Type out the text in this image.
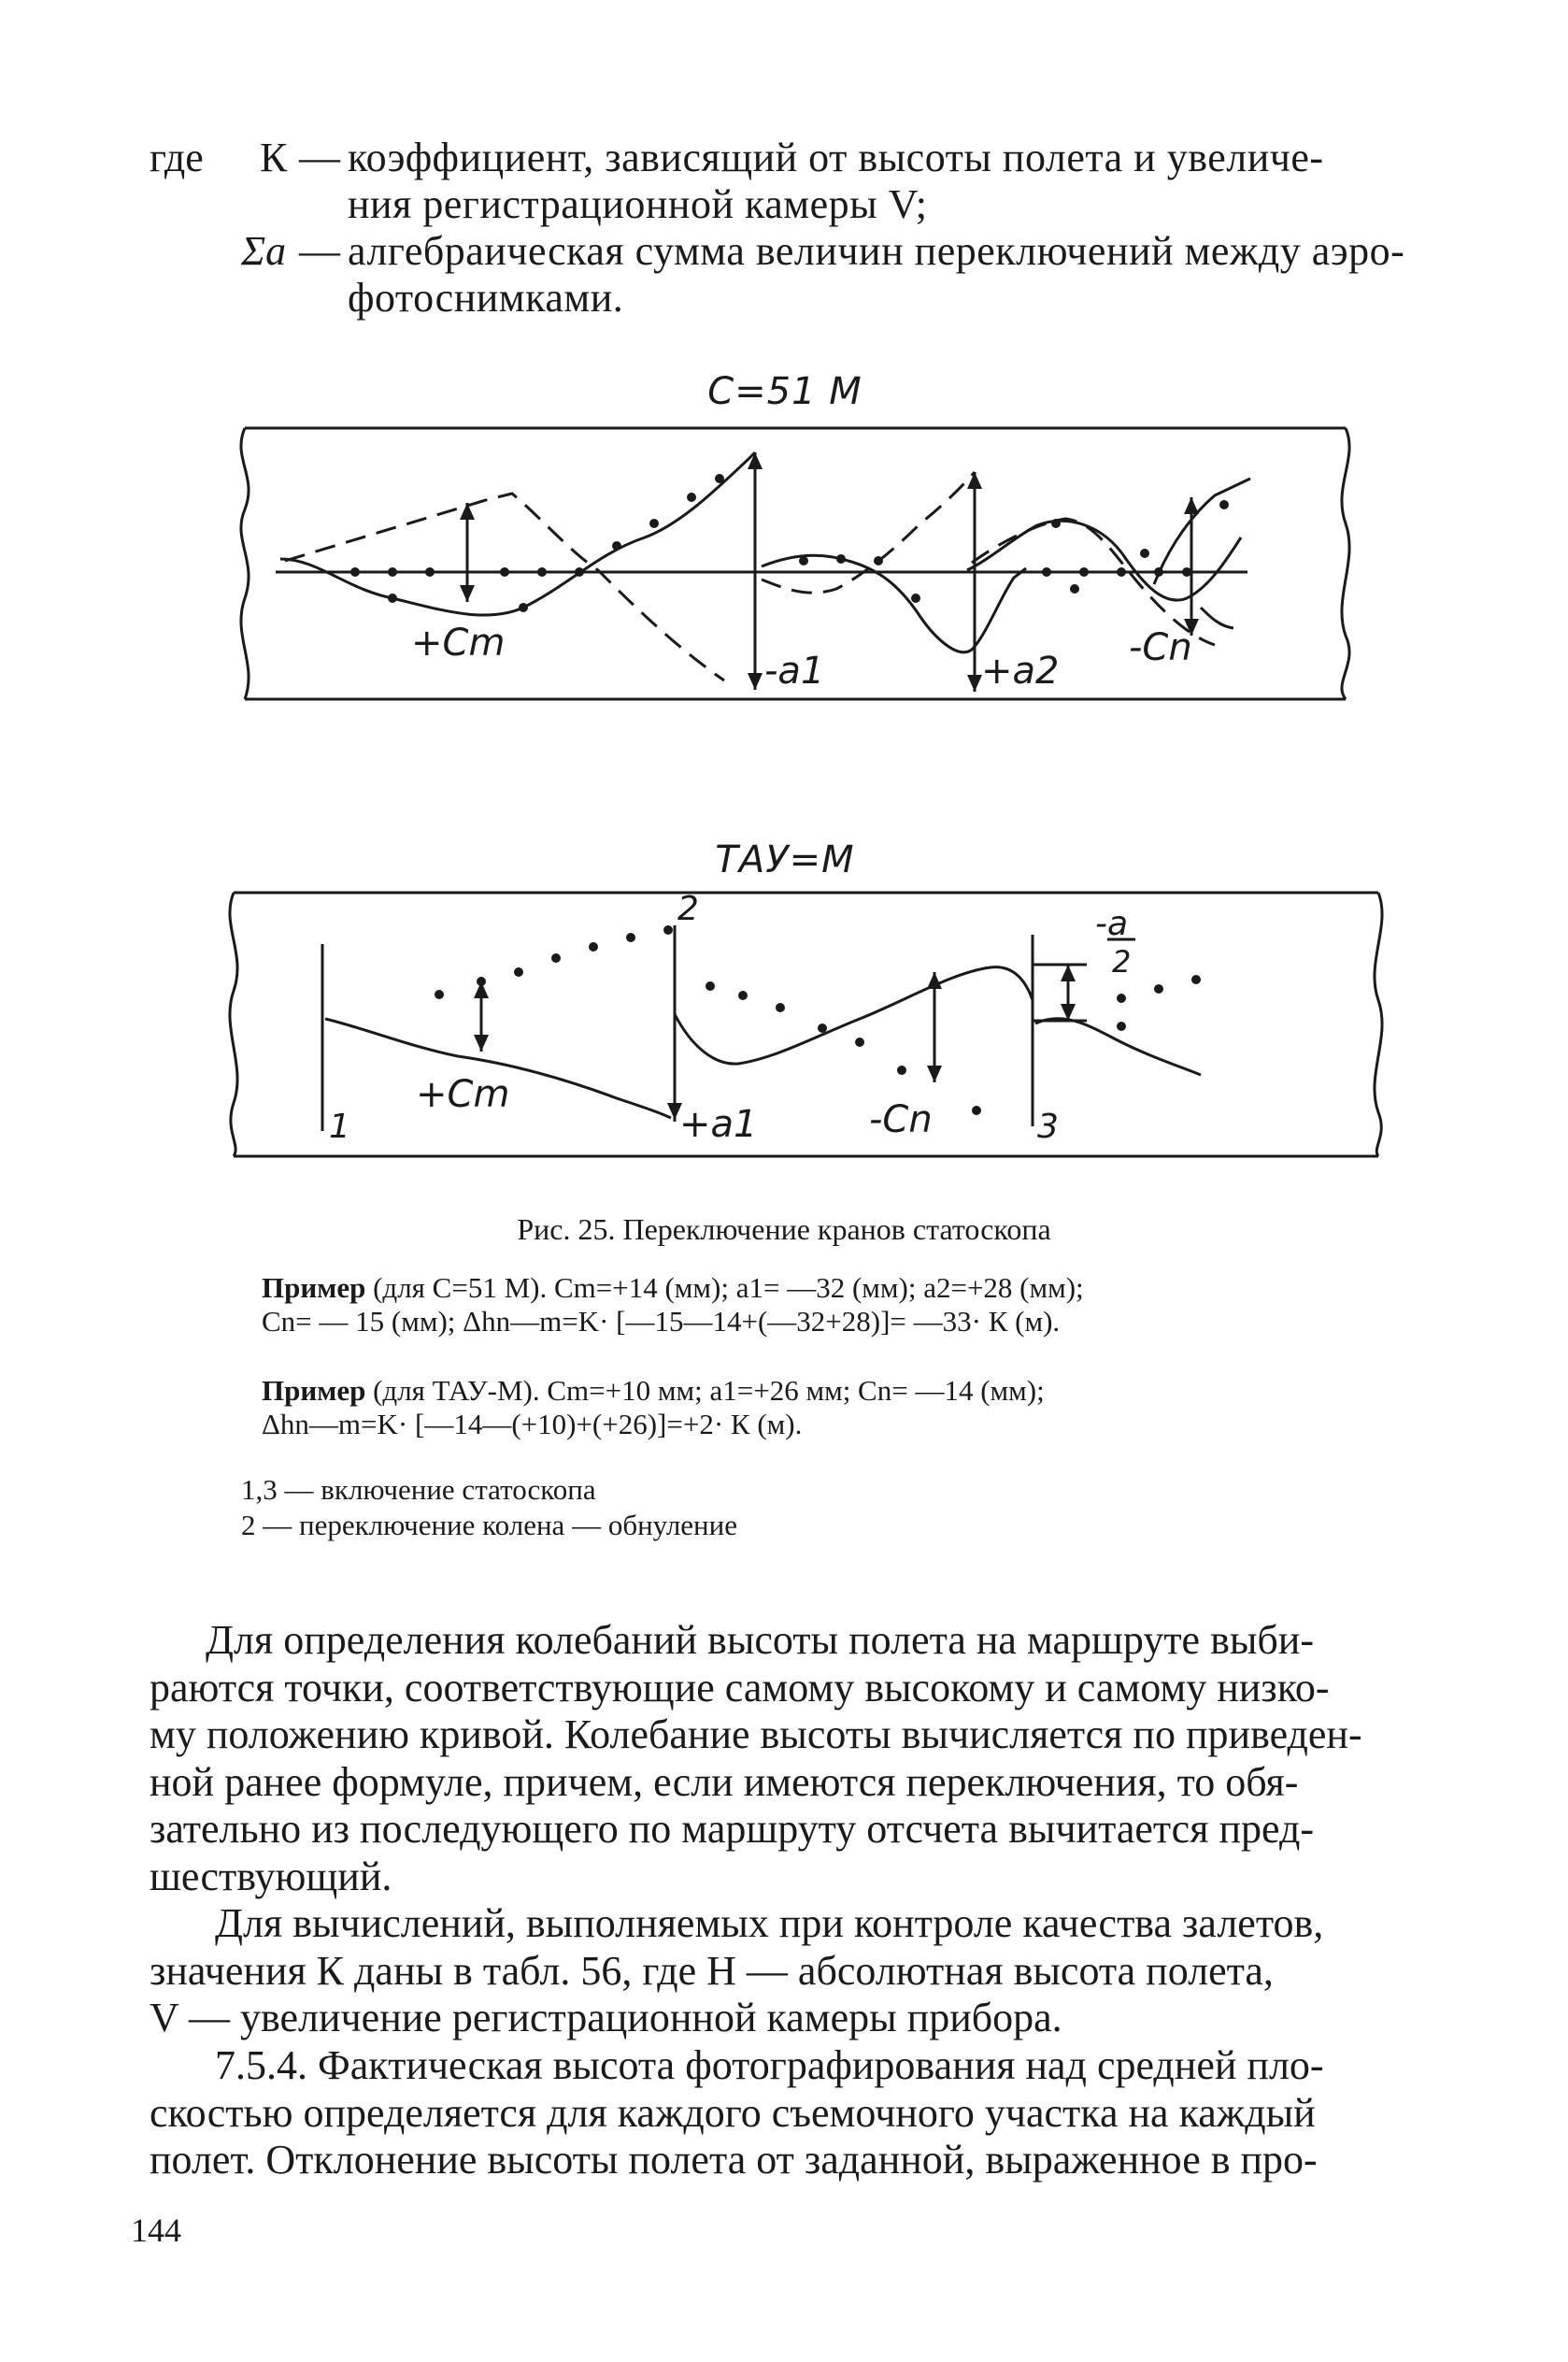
где К — коэффициент, зависящий от высоты полета и увеличе-
ния регистрационной камеры V;
Σa — алгебраическая сумма величин переключений между аэро-
фотоснимками.
C=51 M
+Cm
-a1	+a2
-Cn
ТАУ=М
1
2
3
+Cm
+a1	-Cn
-a
2
Рис. 25. Переключение кранов статоскопа
Пример (для С=51 М). Cm=+14 (мм); a1= —32 (мм); a2=+28 (мм);
Cn= — 15 (мм); Δhn—m=K· [—15—14+(—32+28)]= —33· К (м).
Пример (для ТАУ-М). Cm=+10 мм; a1=+26 мм; Cn= —14 (мм);
Δhn—m=K· [—14—(+10)+(+26)]=+2· К (м).
1,3 — включение статоскопа
2 — переключение колена — обнуление
Для определения колебаний высоты полета на маршруте выби-
раются точки, соответствующие самому высокому и самому низко-
му положению кривой. Колебание высоты вычисляется по приведен-
ной ранее формуле, причем, если имеются переключения, то обя-
зательно из последующего по маршруту отсчета вычитается пред-
шествующий.
Для вычислений, выполняемых при контроле качества залетов,
значения К даны в табл. 56, где Н — абсолютная высота полета,
V — увеличение регистрационной камеры прибора.
7.5.4. Фактическая высота фотографирования над средней пло-
скостью определяется для каждого съемочного участка на каждый
полет. Отклонение высоты полета от заданной, выраженное в про-
144
